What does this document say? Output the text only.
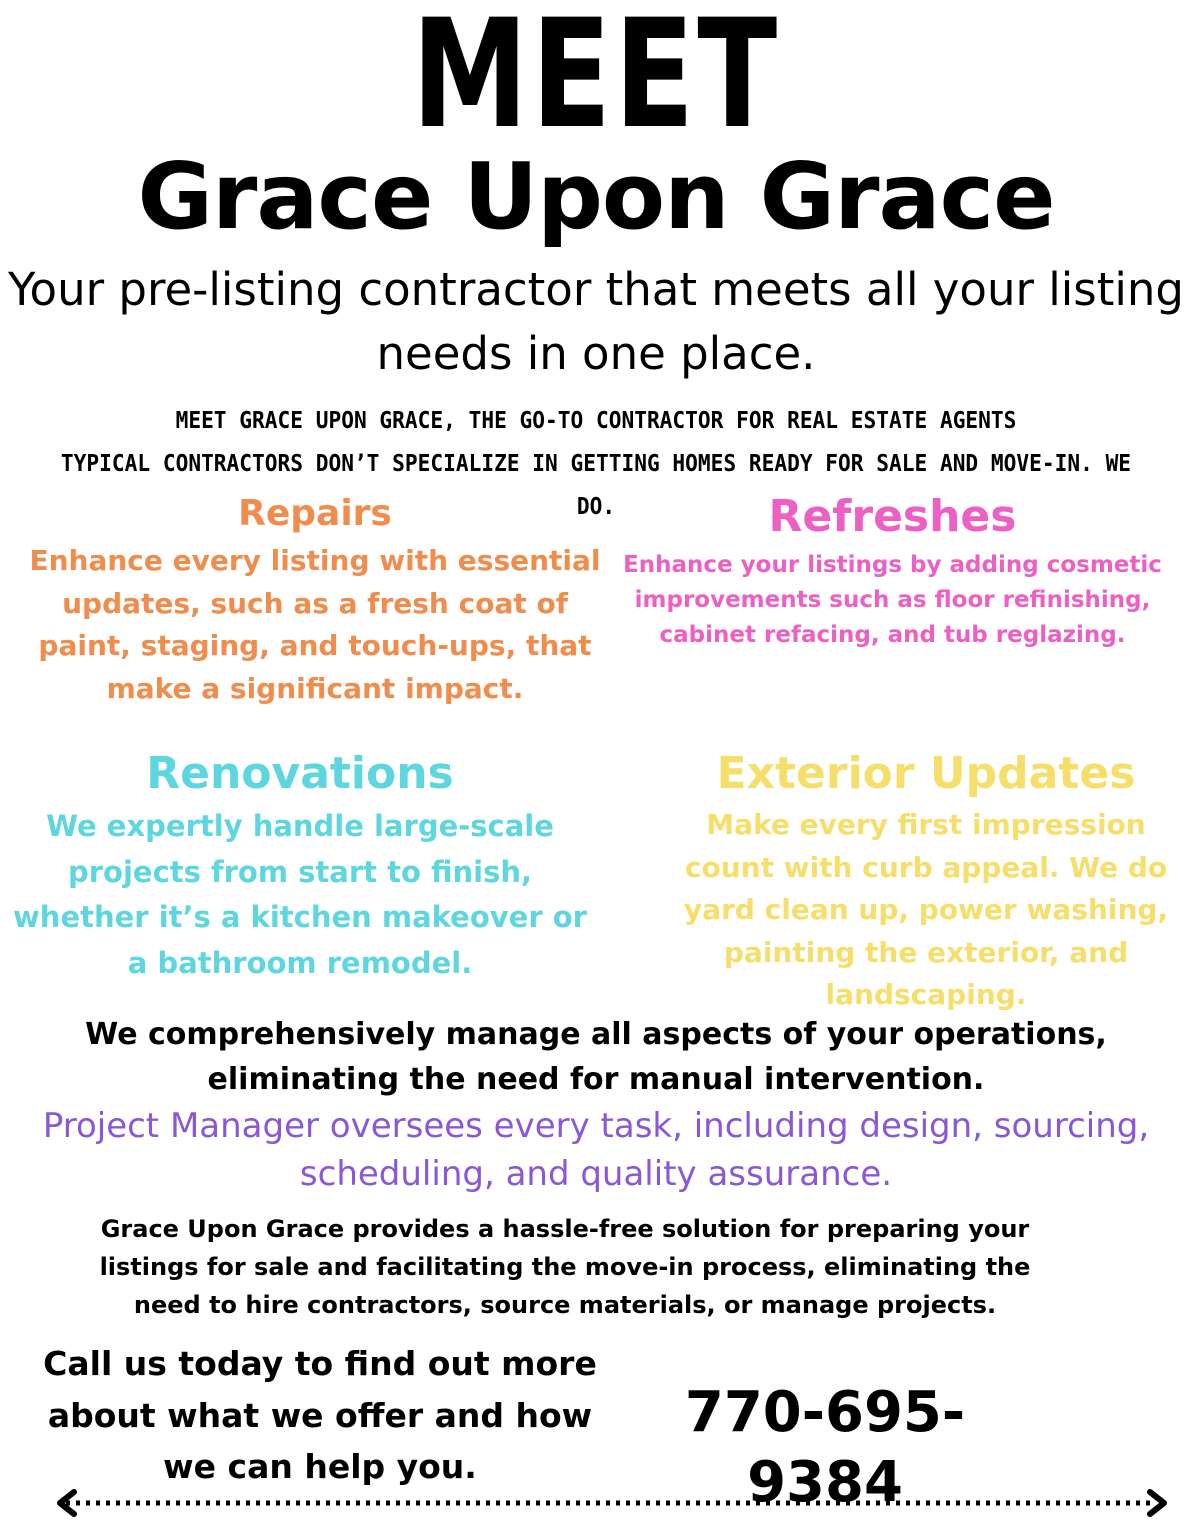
MEET
Grace Upon Grace
Your pre-listing contractor that meets all your listing needs in one place.
MEET GRACE UPON GRACE, THE GO-TO CONTRACTOR FOR REAL ESTATE AGENTS
TYPICAL CONTRACTORS DON’T SPECIALIZE IN GETTING HOMES READY FOR SALE AND MOVE-IN. WE DO.
Repairs

Enhance every listing with essential updates, such as a fresh coat of paint, staging, and touch-ups, that make a significant impact.

Refreshes

Enhance your listings by adding cosmetic improvements such as floor refinishing, cabinet refacing, and tub reglazing.

Renovations

We expertly handle large-scale projects from start to finish, whether it’s a kitchen makeover or a bathroom remodel.

Exterior Updates

Make every first impression count with curb appeal. We do yard clean up, power washing, painting the exterior, and landscaping.

We comprehensively manage all aspects of your operations, eliminating the need for manual intervention.
Project Manager oversees every task, including design, sourcing, scheduling, and quality assurance.
Grace Upon Grace provides a hassle-free solution for preparing your listings for sale and facilitating the move-in process, eliminating the need to hire contractors, source materials, or manage projects.
Call us today to find out more about what we offer and how we can help you.
770-695-9384
